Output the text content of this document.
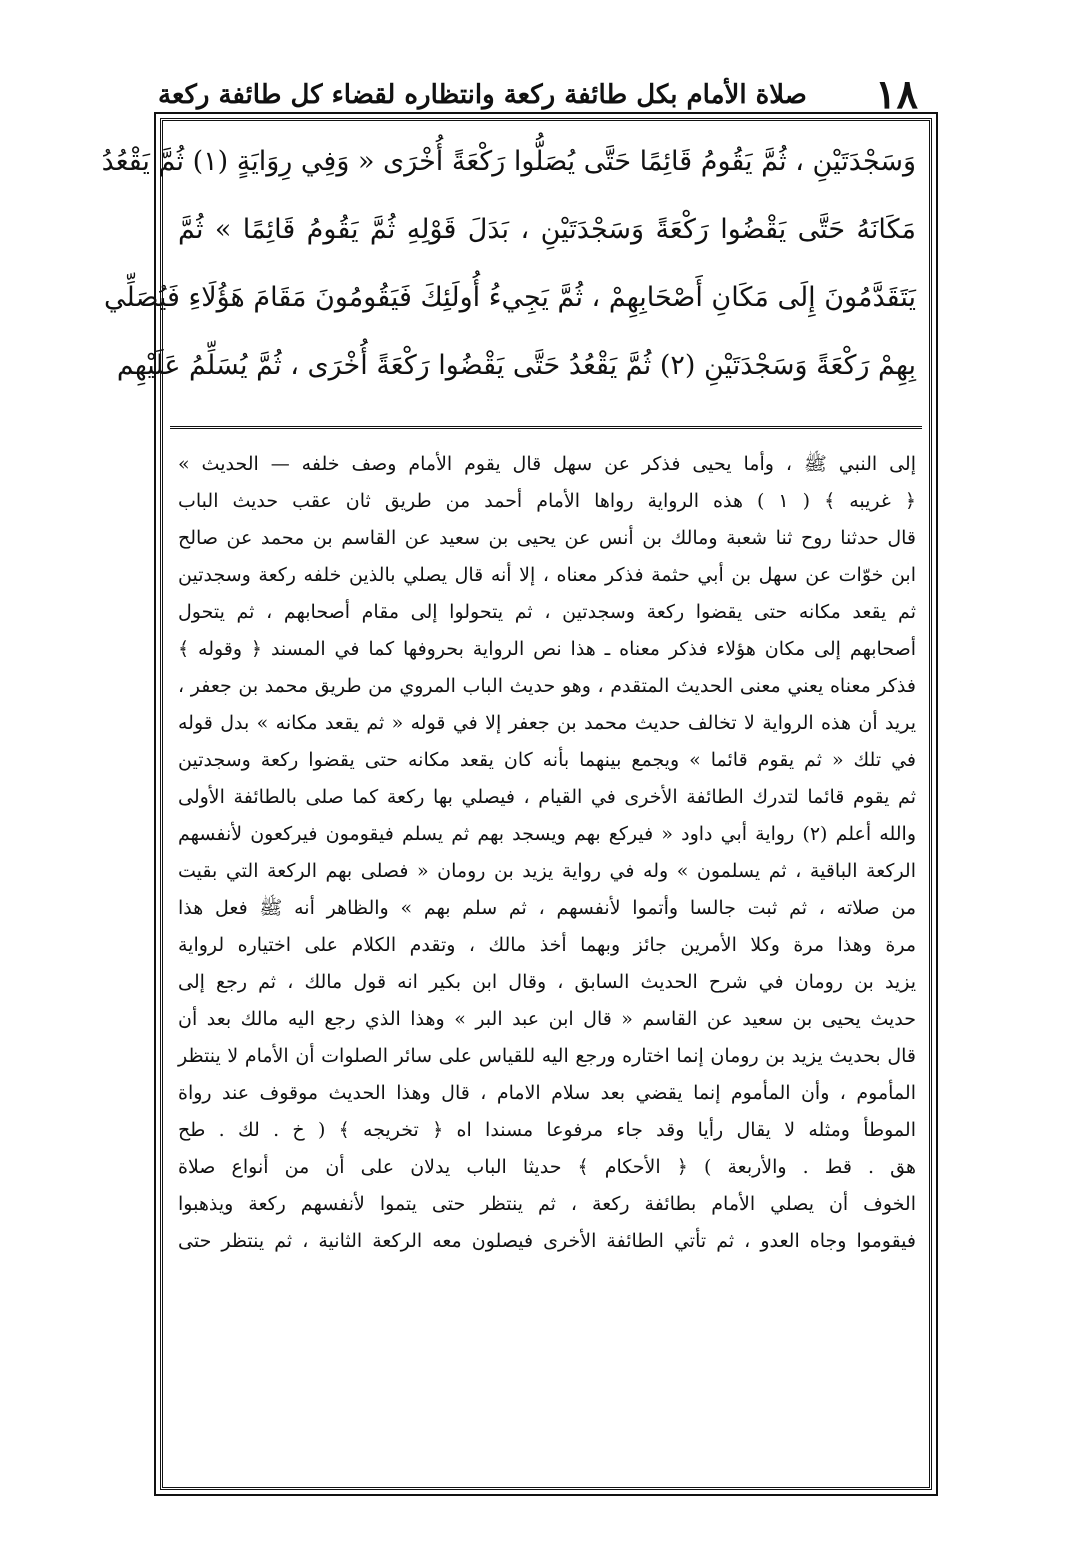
١٨
صلاة الأمام بكل طائفة ركعة وانتظاره لقضاء كل طائفة ركعة
وَسَجْدَتَيْنِ ، ثُمَّ يَقُومُ قَائِمًا حَتَّى يُصَلُّوا رَكْعَةً أُخْرَى « وَفِي رِوَايَةٍ (١) ثُمَّ يَقْعُدُ
مَكَانَهُ حَتَّى يَقْضُوا رَكْعَةً وَسَجْدَتَيْنِ ، بَدَلَ قَوْلِهِ ثُمَّ يَقُومُ قَائِمًا » ثُمَّ
يَتَقَدَّمُونَ إِلَى مَكَانِ أَصْحَابِهِمْ ، ثُمَّ يَجِيءُ أُولَئِكَ فَيَقُومُونَ مَقَامَ هَؤُلَاءِ فَيُصَلِّي
بِهِمْ رَكْعَةً وَسَجْدَتَيْنِ (٢) ثُمَّ يَقْعُدُ حَتَّى يَقْضُوا رَكْعَةً أُخْرَى ، ثُمَّ يُسَلِّمُ عَلَيْهِم
إلى النبي ﷺ ، وأما يحيى فذكر عن سهل قال يقوم الأمام وصف خلفه — الحديث »
﴿ غريبه ﴾ ( ١ ) هذه الرواية رواها الأمام أحمد من طريق ثان عقب حديث الباب
قال حدثنا روح ثنا شعبة ومالك بن أنس عن يحيى بن سعيد عن القاسم بن محمد عن صالح
ابن خوّات عن سهل بن أبي حثمة فذكر معناه ، إلا أنه قال يصلي بالذين خلفه ركعة وسجدتين
ثم يقعد مكانه حتى يقضوا ركعة وسجدتين ، ثم يتحولوا إلى مقام أصحابهم ، ثم يتحول
أصحابهم إلى مكان هؤلاء فذكر معناه ـ هذا نص الرواية بحروفها كما في المسند ﴿ وقوله ﴾
فذكر معناه يعني معنى الحديث المتقدم ، وهو حديث الباب المروي من طريق محمد بن جعفر ،
يريد أن هذه الرواية لا تخالف حديث محمد بن جعفر إلا في قوله « ثم يقعد مكانه » بدل قوله
في تلك « ثم يقوم قائما » ويجمع بينهما بأنه كان يقعد مكانه حتى يقضوا ركعة وسجدتين
ثم يقوم قائما لتدرك الطائفة الأخرى في القيام ، فيصلي بها ركعة كما صلى بالطائفة الأولى
والله أعلم (٢) رواية أبي داود « فيركع بهم ويسجد بهم ثم يسلم فيقومون فيركعون لأنفسهم
الركعة الباقية ، ثم يسلمون » وله في رواية يزيد بن رومان « فصلى بهم الركعة التي بقيت
من صلاته ، ثم ثبت جالسا وأتموا لأنفسهم ، ثم سلم بهم » والظاهر أنه ﷺ فعل هذا
مرة وهذا مرة وكلا الأمرين جائز وبهما أخذ مالك ، وتقدم الكلام على اختياره لرواية
يزيد بن رومان في شرح الحديث السابق ، وقال ابن بكير انه قول مالك ، ثم رجع إلى
حديث يحيى بن سعيد عن القاسم « قال ابن عبد البر » وهذا الذي رجع اليه مالك بعد أن
قال بحديث يزيد بن رومان إنما اختاره ورجع اليه للقياس على سائر الصلوات أن الأمام لا ينتظر
المأموم ، وأن المأموم إنما يقضي بعد سلام الامام ، قال وهذا الحديث موقوف عند رواة
الموطأ ومثله لا يقال رأيا وقد جاء مرفوعا مسندا اه ﴿ تخريجه ﴾ ( خ . لك . طح
هق . قط . والأربعة ) ﴿ الأحكام ﴾ حديثا الباب يدلان على أن من أنواع صلاة
الخوف أن يصلي الأمام بطائفة ركعة ، ثم ينتظر حتى يتموا لأنفسهم ركعة ويذهبوا
فيقوموا وجاه العدو ، ثم تأتي الطائفة الأخرى فيصلون معه الركعة الثانية ، ثم ينتظر حتى
